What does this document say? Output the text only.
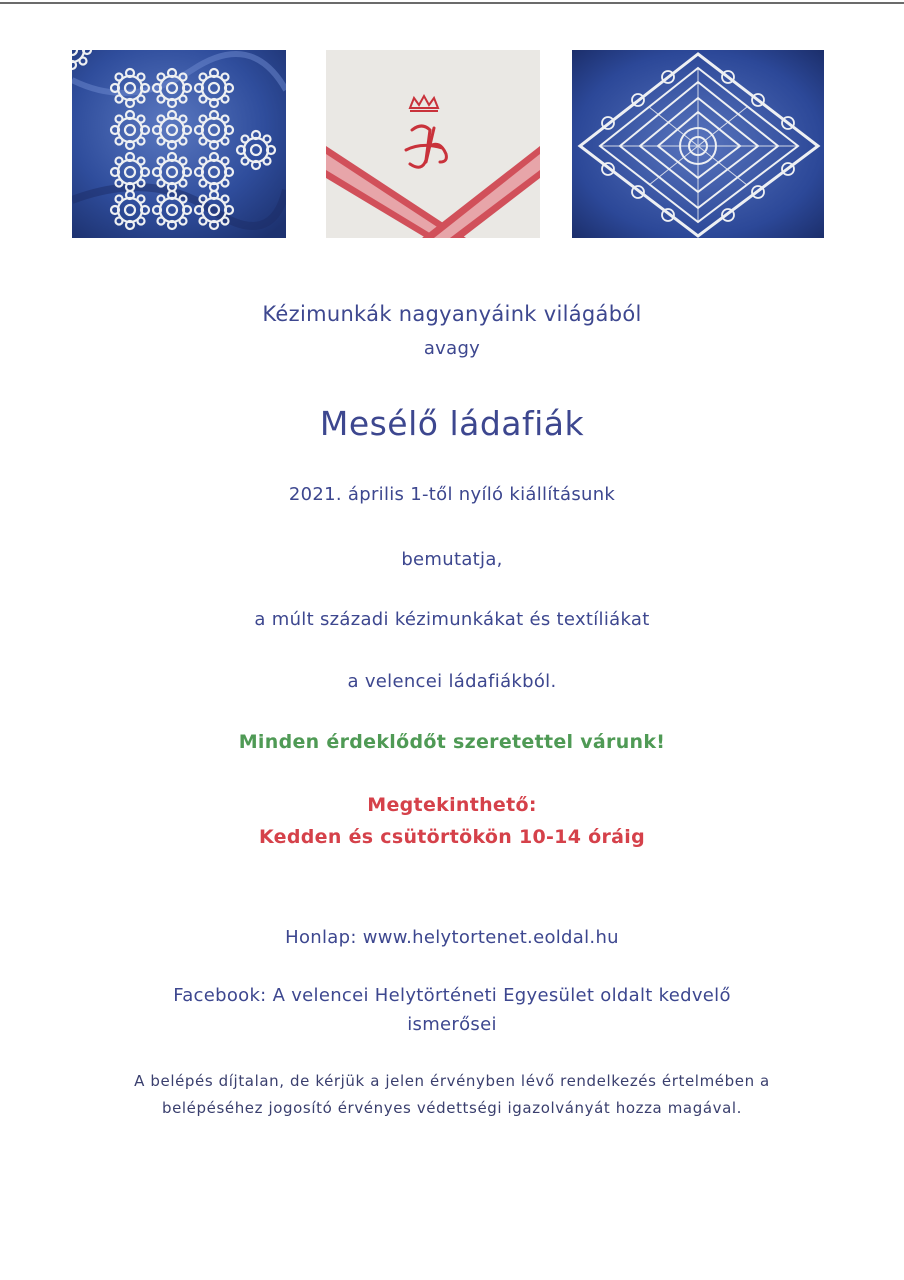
Kézimunkák nagyanyáink világából
avagy
Mesélő ládafiák
2021. április 1-től nyíló kiállításunk
bemutatja,
a múlt századi kézimunkákat és textíliákat
a velencei ládafiákból.
Minden érdeklődőt szeretettel várunk!
Megtekinthető:
Kedden és csütörtökön 10-14 óráig
Honlap: www.helytortenet.eoldal.hu
Facebook: A velencei Helytörténeti Egyesület oldalt kedvelő
ismerősei
A belépés díjtalan, de kérjük a jelen érvényben lévő rendelkezés értelmében a
belépéséhez jogosító érvényes védettségi igazolványát hozza magával.
